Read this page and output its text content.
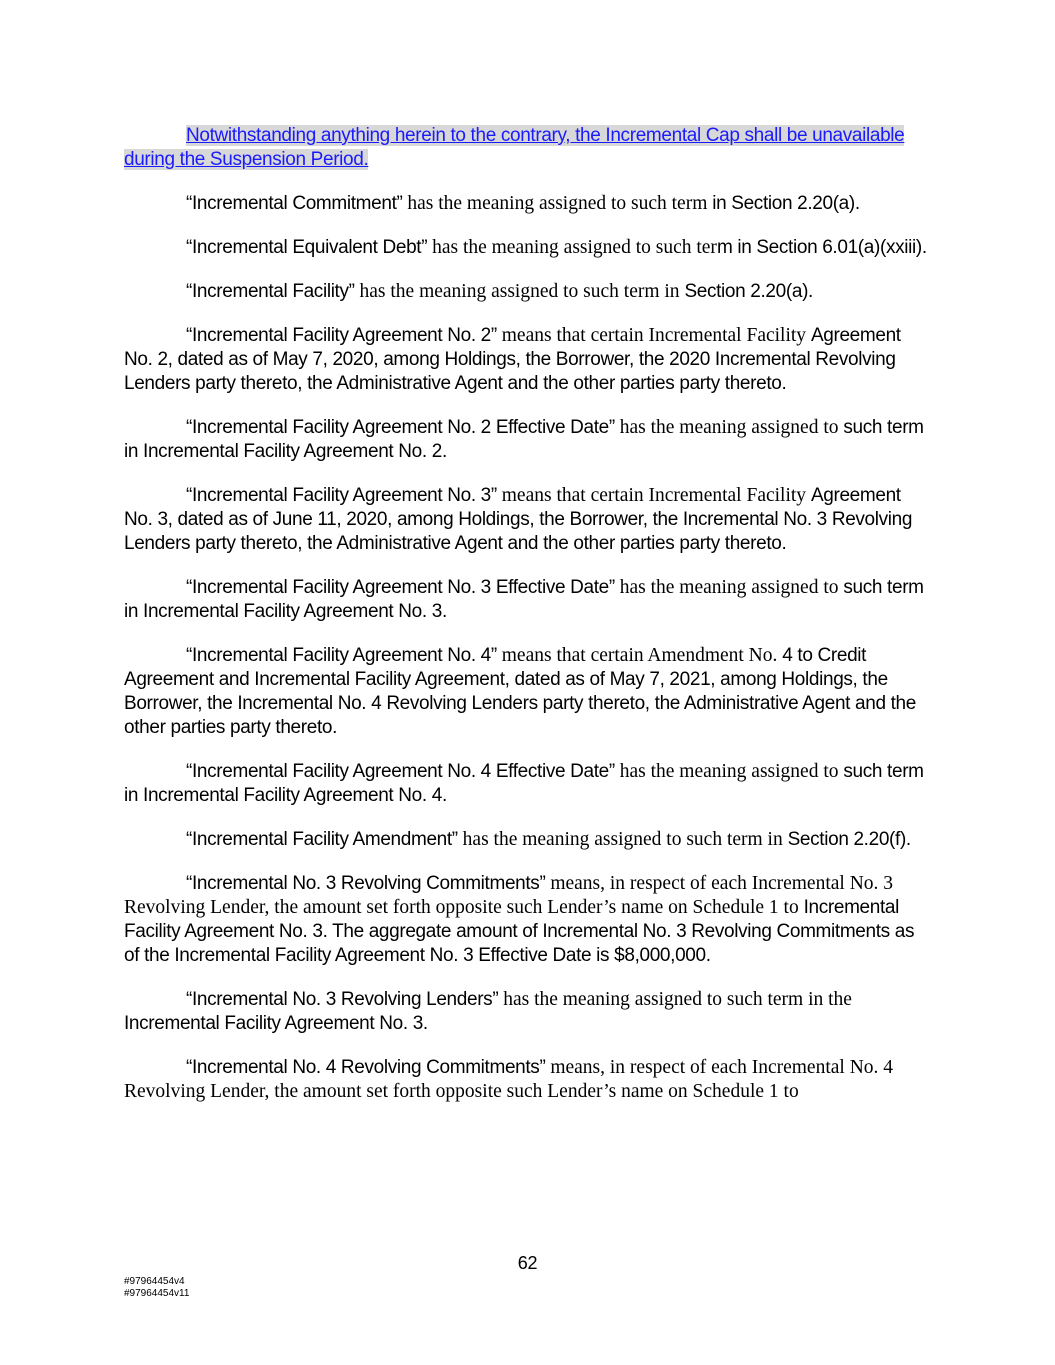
Notwithstanding anything herein to the contrary, the Incremental Cap shall be unavailable during the Suspension Period.

“Incremental Commitment” has the meaning assigned to such term in Section 2.20(a).

“Incremental Equivalent Debt” has the meaning assigned to such term in Section 6.01(a)(xxiii).

“Incremental Facility” has the meaning assigned to such term in Section 2.20(a).

“Incremental Facility Agreement No. 2” means that certain Incremental Facility Agreement No. 2, dated as of May 7, 2020, among Holdings, the Borrower, the 2020 Incremental Revolving Lenders party thereto, the Administrative Agent and the other parties party thereto.

“Incremental Facility Agreement No. 2 Effective Date” has the meaning assigned to such term in Incremental Facility Agreement No. 2.

“Incremental Facility Agreement No. 3” means that certain Incremental Facility Agreement No. 3, dated as of June 11, 2020, among Holdings, the Borrower, the Incremental No. 3 Revolving Lenders party thereto, the Administrative Agent and the other parties party thereto.

“Incremental Facility Agreement No. 3 Effective Date” has the meaning assigned to such term in Incremental Facility Agreement No. 3.

“Incremental Facility Agreement No. 4” means that certain Amendment No. 4 to Credit Agreement and Incremental Facility Agreement, dated as of May 7, 2021, among Holdings, the Borrower, the Incremental No. 4 Revolving Lenders party thereto, the Administrative Agent and the other parties party thereto.

“Incremental Facility Agreement No. 4 Effective Date” has the meaning assigned to such term in Incremental Facility Agreement No. 4.

“Incremental Facility Amendment” has the meaning assigned to such term in Section 2.20(f).

“Incremental No. 3 Revolving Commitments” means, in respect of each Incremental No. 3 Revolving Lender, the amount set forth opposite such Lender’s name on Schedule 1 to Incremental Facility Agreement No. 3. The aggregate amount of Incremental No. 3 Revolving Commitments as of the Incremental Facility Agreement No. 3 Effective Date is $8,000,000.

“Incremental No. 3 Revolving Lenders” has the meaning assigned to such term in the Incremental Facility Agreement No. 3.

“Incremental No. 4 Revolving Commitments” means, in respect of each Incremental No. 4 Revolving Lender, the amount set forth opposite such Lender’s name on Schedule 1 to

62
#97964454v4
#97964454v11
